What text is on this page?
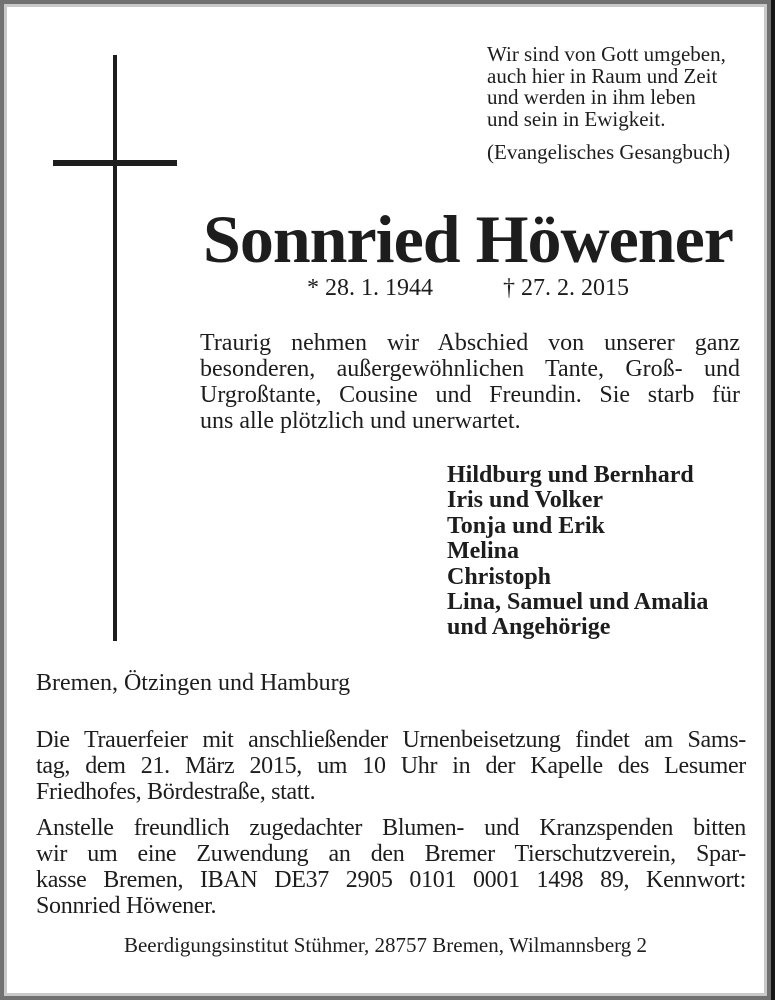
Wir sind von Gott umgeben,
auch hier in Raum und Zeit
und werden in ihm leben
und sein in Ewigkeit.
(Evangelisches Gesangbuch)
Sonnried Höwener
* 28. 1. 1944	† 27. 2. 2015
Traurig nehmen wir Abschied von unserer ganz
besonderen, außergewöhnlichen Tante, Groß- und
Urgroßtante, Cousine und Freundin. Sie starb für
uns alle plötzlich und unerwartet.
Hildburg und Bernhard
Iris und Volker
Tonja und Erik
Melina
Christoph
Lina, Samuel und Amalia
und Angehörige
Bremen, Ötzingen und Hamburg
Die Trauerfeier mit anschließender Urnenbeisetzung findet am Sams-
tag, dem 21. März 2015, um 10 Uhr in der Kapelle des Lesumer
Friedhofes, Bördestraße, statt.
Anstelle freundlich zugedachter Blumen- und Kranzspenden bitten
wir um eine Zuwendung an den Bremer Tierschutzverein, Spar-
kasse Bremen, IBAN DE37 2905 0101 0001 1498 89, Kennwort:
Sonnried Höwener.
Beerdigungsinstitut Stühmer, 28757 Bremen, Wilmannsberg 2
